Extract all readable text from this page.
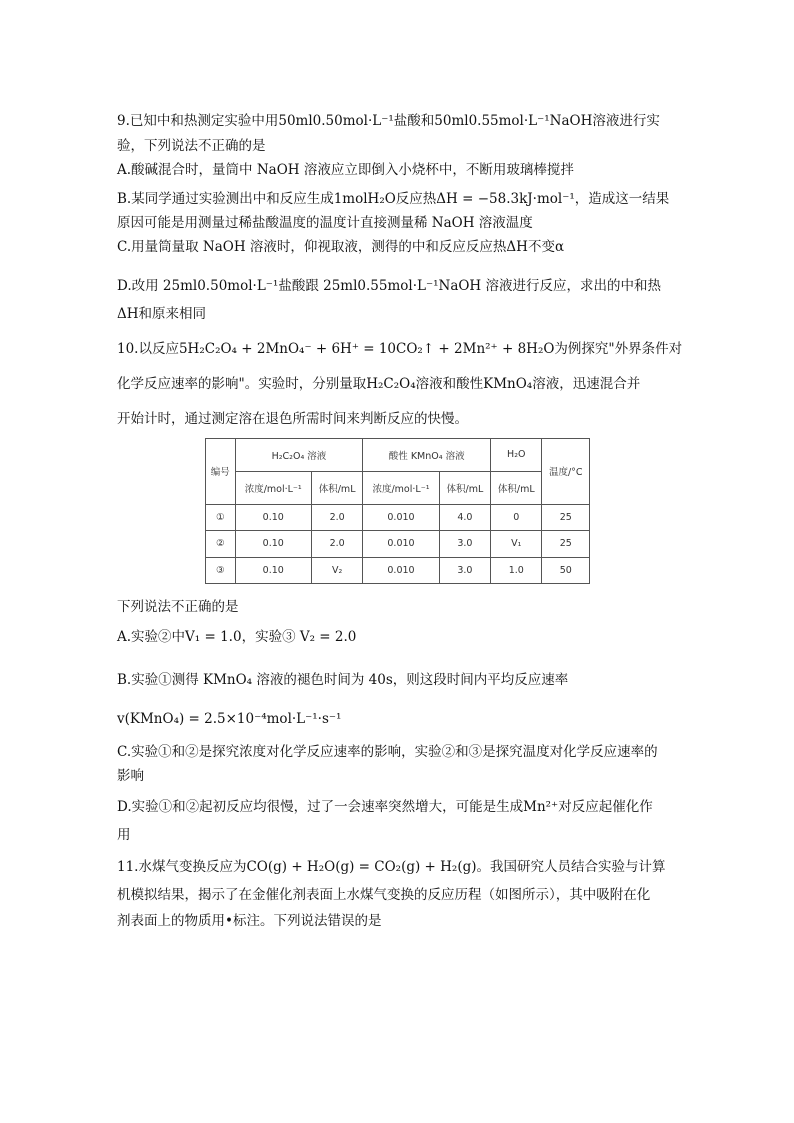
9.已知中和热测定实验中用50ml0.50mol·L⁻¹盐酸和50ml0.55mol·L⁻¹NaOH溶液进行实
验，下列说法不正确的是
A.酸碱混合时，量筒中 NaOH 溶液应立即倒入小烧杯中，不断用玻璃棒搅拌
B.某同学通过实验测出中和反应生成1molH₂O反应热ΔH = −58.3kJ·mol⁻¹，造成这一结果
原因可能是用测量过稀盐酸温度的温度计直接测量稀 NaOH 溶液温度
C.用量筒量取 NaOH 溶液时，仰视取液，测得的中和反应反应热ΔH不变α
D.改用 25ml0.50mol·L⁻¹盐酸跟 25ml0.55mol·L⁻¹NaOH 溶液进行反应，求出的中和热
ΔH和原来相同
10.以反应5H₂C₂O₄ + 2MnO₄⁻ + 6H⁺ = 10CO₂↑ + 2Mn²⁺ + 8H₂O为例探究"外界条件对
化学反应速率的影响"。实验时，分别量取H₂C₂O₄溶液和酸性KMnO₄溶液，迅速混合并
开始计时，通过测定溶在退色所需时间来判断反应的快慢。
编号	H₂C₂O₄ 溶液		酸性 KMnO₄ 溶液		H₂O	温度/°C
	浓度/mol·L⁻¹	体积/mL	浓度/mol·L⁻¹	体积/mL	体积/mL	
①	0.10	2.0	0.010	4.0	0	25
②	0.10	2.0	0.010	3.0	V₁	25
③	0.10	V₂	0.010	3.0	1.0	50
下列说法不正确的是
A.实验②中V₁ = 1.0，实验③ V₂ = 2.0
B.实验①测得 KMnO₄ 溶液的褪色时间为 40s，则这段时间内平均反应速率
v(KMnO₄) = 2.5×10⁻⁴mol·L⁻¹·s⁻¹
C.实验①和②是探究浓度对化学反应速率的影响，实验②和③是探究温度对化学反应速率的
影响
D.实验①和②起初反应均很慢，过了一会速率突然增大，可能是生成Mn²⁺对反应起催化作
用
11.水煤气变换反应为CO(g) + H₂O(g) = CO₂(g) + H₂(g)。我国研究人员结合实验与计算
机模拟结果，揭示了在金催化剂表面上水煤气变换的反应历程（如图所示），其中吸附在化
剂表面上的物质用•标注。下列说法错误的是
